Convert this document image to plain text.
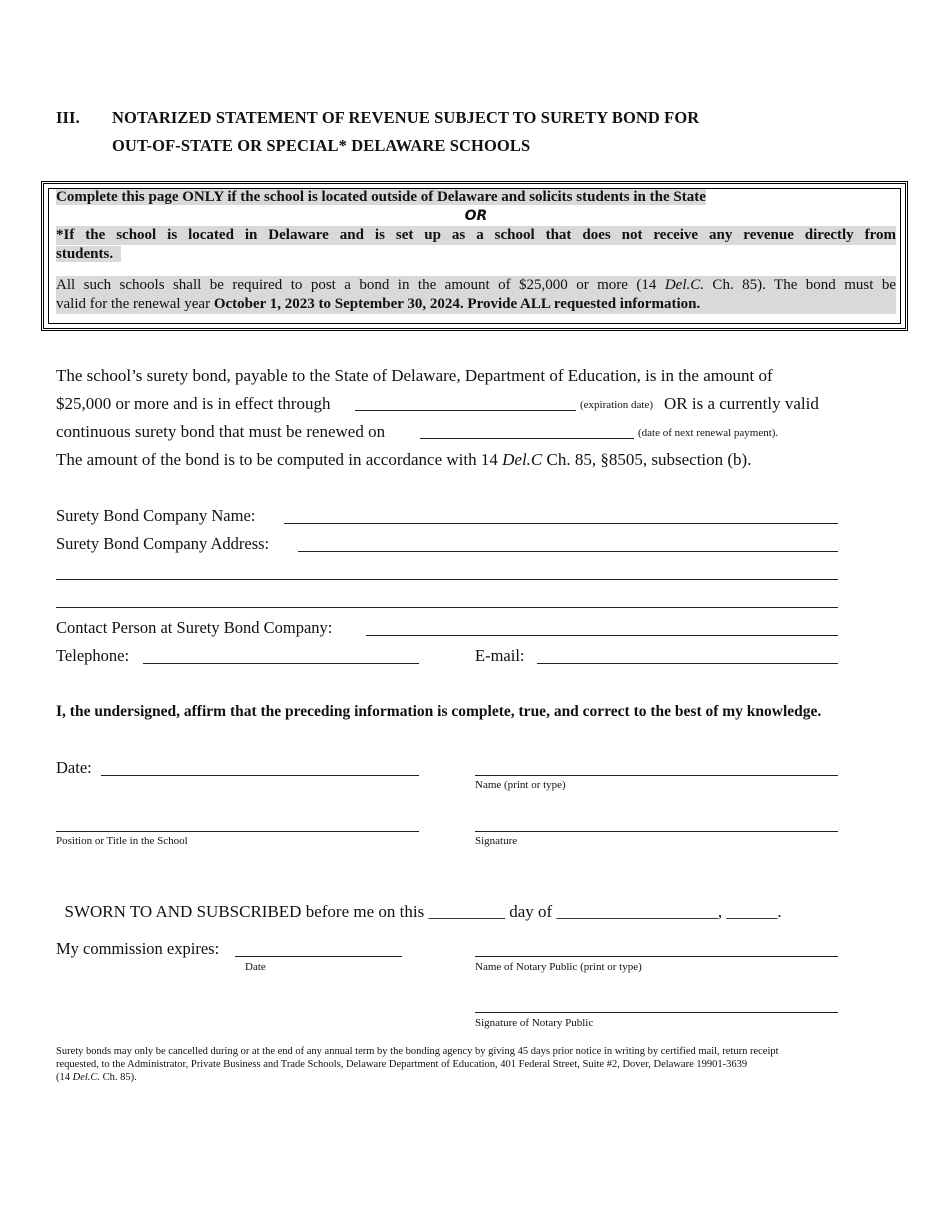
III. NOTARIZED STATEMENT OF REVENUE SUBJECT TO SURETY BOND FOR
OUT-OF-STATE OR SPECIAL* DELAWARE SCHOOLS
Complete this page ONLY if the school is located outside of Delaware and solicits students in the State
OR
*If the school is located in Delaware and is set up as a school that does not receive any revenue directly from
students.
All such schools shall be required to post a bond in the amount of $25,000 or more (14 Del.C. Ch. 85). The bond must be
valid for the renewal year October 1, 2023 to September 30, 2024. Provide ALL requested information.
The school’s surety bond, payable to the State of Delaware, Department of Education, is in the amount of
$25,000 or more and is in effect through	(expiration date) OR is a currently valid
continuous surety bond that must be renewed on	(date of next renewal payment).
The amount of the bond is to be computed in accordance with 14 Del.C Ch. 85, §8505, subsection (b).
Surety Bond Company Name:
Surety Bond Company Address:
Contact Person at Surety Bond Company:
Telephone:	E-mail:
I, the undersigned, affirm that the preceding information is complete, true, and correct to the best of my knowledge.
Date:
Name (print or type)
Position or Title in the School	Signature

SWORN TO AND SUBSCRIBED before me on this _________ day of ___________________, ______.

My commission expires:
Date	Name of Notary Public (print or type)
Signature of Notary Public
Surety bonds may only be cancelled during or at the end of any annual term by the bonding agency by giving 45 days prior notice in writing by certified mail, return receipt
requested, to the Administrator, Private Business and Trade Schools, Delaware Department of Education, 401 Federal Street, Suite #2, Dover, Delaware 19901-3639
(14 Del.C. Ch. 85).
